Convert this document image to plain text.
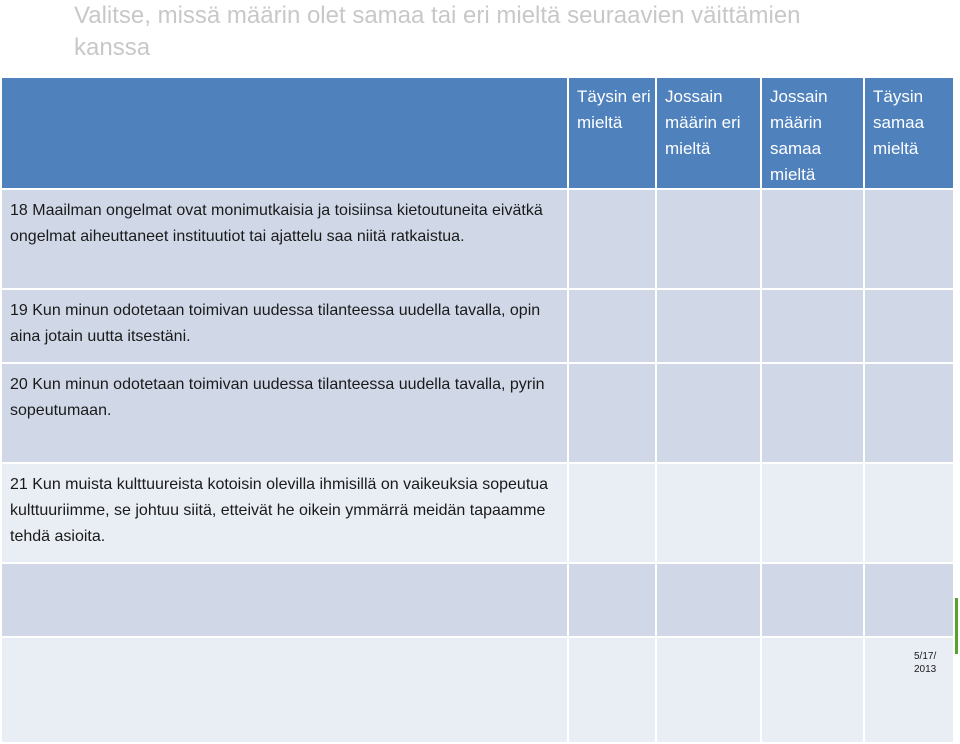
Valitse, missä määrin olet samaa tai eri mieltä seuraavien väittämien kanssa

	Täysin eri mieltä	Jossain määrin eri mieltä	Jossain määrin samaa mieltä	Täysin samaa mieltä

18 Maailman ongelmat ovat monimutkaisia ja toisiinsa kietoutuneita eivätkä ongelmat aiheuttaneet instituutiot tai ajattelu saa niitä ratkaistua.				
19 Kun minun odotetaan toimivan uudessa tilanteessa uudella tavalla, opin aina jotain uutta itsestäni.				
20 Kun minun odotetaan toimivan uudessa tilanteessa uudella tavalla, pyrin sopeutumaan.				
21 Kun muista kulttuureista kotoisin olevilla ihmisillä on vaikeuksia sopeutua kulttuuriimme, se johtuu siitä, etteivät he oikein ymmärrä meidän tapaamme tehdä asioita.				

5/17/ 2013
